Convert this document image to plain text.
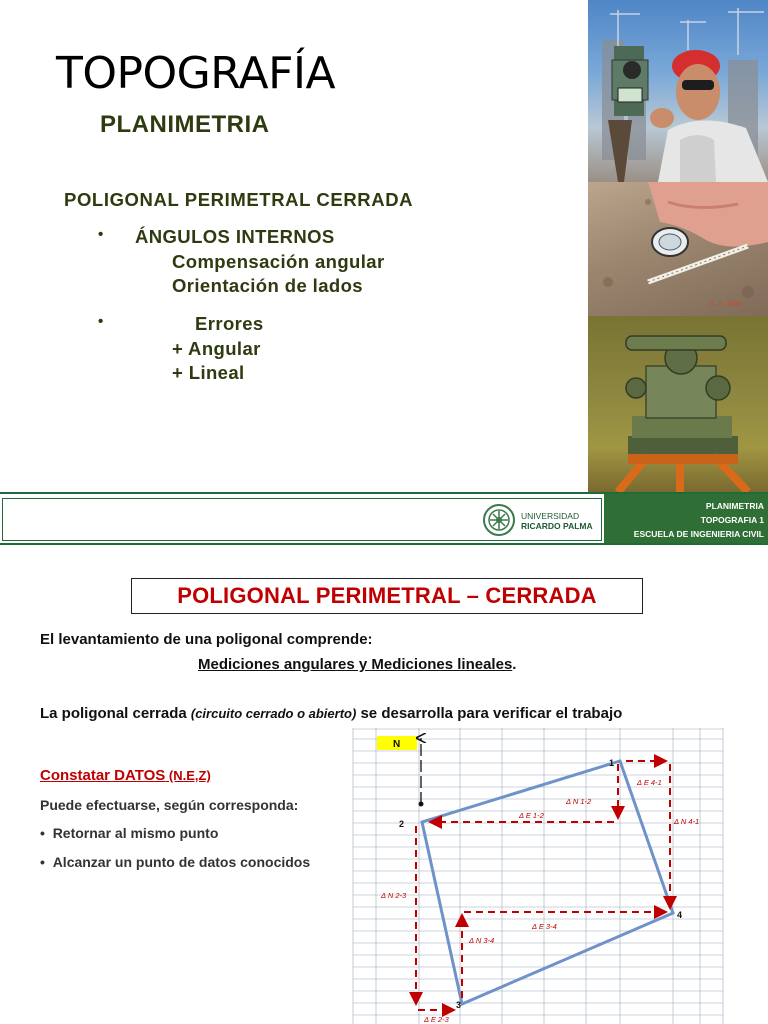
TOPOGRAFÍA
PLANIMETRIA
POLIGONAL PERIMETRAL CERRADA
• ÁNGULOS INTERNOS
Compensación angular
Orientación de lados
•	Errores
+ Angular
+ Lineal
9 · 4 · 2008
UNIVERSIDAD
RICARDO PALMA
PLANIMETRIA
TOPOGRAFIA 1
ESCUELA DE INGENIERIA CIVIL
POLIGONAL PERIMETRAL – CERRADA
El levantamiento de una poligonal comprende:
Mediciones angulares y Mediciones lineales.
La poligonal cerrada (circuito cerrado o abierto) se desarrolla para verificar el trabajo
Constatar DATOS (N.E,Z)
Puede efectuarse, según corresponda:
•  Retornar al mismo punto
•  Alcanzar un punto de datos conocidos
N
1
2
3
4
Δ E 4-1
Δ N 1-2
Δ E 1-2
Δ N 4-1
Δ N 2-3
Δ E 3-4
Δ N 3-4
Δ E 2-3
